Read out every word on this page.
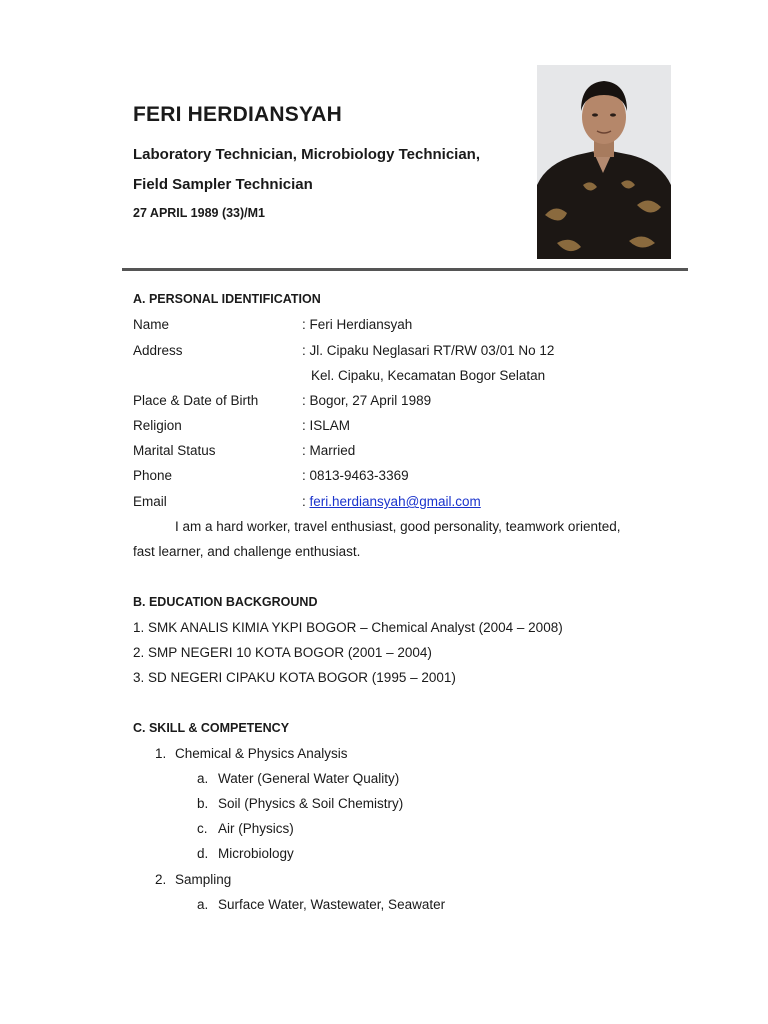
FERI HERDIANSYAH
Laboratory Technician, Microbiology Technician,
Field Sampler Technician
27 APRIL 1989 (33)/M1
A. PERSONAL IDENTIFICATION
Name	: Feri Herdiansyah
Address	: Jl. Cipaku Neglasari RT/RW 03/01 No 12
Kel. Cipaku, Kecamatan Bogor Selatan
Place & Date of Birth	: Bogor, 27 April 1989
Religion	: ISLAM
Marital Status	: Married
Phone	: 0813-9463-3369
Email	: feri.herdiansyah@gmail.com
I am a hard worker, travel enthusiast, good personality, teamwork oriented,
fast learner, and challenge enthusiast.
B. EDUCATION BACKGROUND
1. SMK ANALIS KIMIA YKPI BOGOR – Chemical Analyst (2004 – 2008)
2. SMP NEGERI 10 KOTA BOGOR (2001 – 2004)
3. SD NEGERI CIPAKU KOTA BOGOR (1995 – 2001)
C. SKILL & COMPETENCY
1. Chemical & Physics Analysis
a. Water (General Water Quality)
b. Soil (Physics & Soil Chemistry)
c. Air (Physics)
d. Microbiology
2. Sampling
a. Surface Water, Wastewater, Seawater
